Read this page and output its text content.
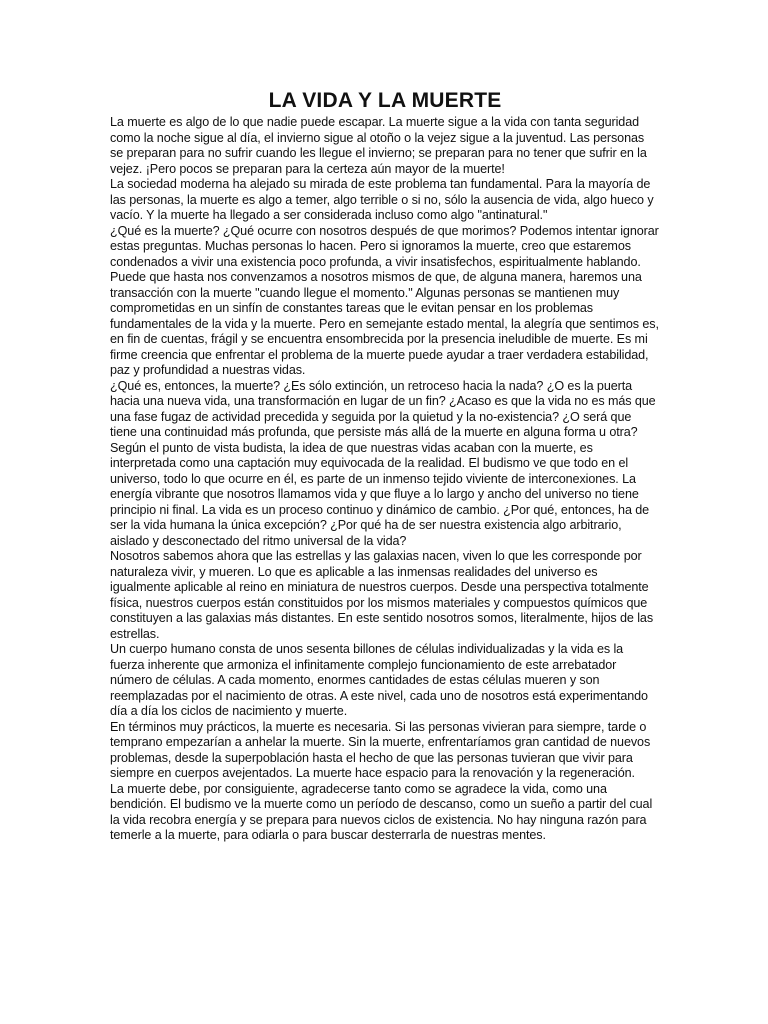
LA VIDA Y LA MUERTE

La muerte es algo de lo que nadie puede escapar. La muerte sigue a la vida con tanta seguridad como la noche sigue al día, el invierno sigue al otoño o la vejez sigue a la juventud. Las personas se preparan para no sufrir cuando les llegue el invierno; se preparan para no tener que sufrir en la vejez. ¡Pero pocos se preparan para la certeza aún mayor de la muerte!

La sociedad moderna ha alejado su mirada de este problema tan fundamental. Para la mayoría de las personas, la muerte es algo a temer, algo terrible o si no, sólo la ausencia de vida, algo hueco y vacío. Y la muerte ha llegado a ser considerada incluso como algo "antinatural."

¿Qué es la muerte? ¿Qué ocurre con nosotros después de que morimos? Podemos intentar ignorar estas preguntas. Muchas personas lo hacen. Pero si ignoramos la muerte, creo que estaremos condenados a vivir una existencia poco profunda, a vivir insatisfechos, espiritualmente hablando. Puede que hasta nos convenzamos a nosotros mismos de que, de alguna manera, haremos una transacción con la muerte "cuando llegue el momento." Algunas personas se mantienen muy comprometidas en un sinfín de constantes tareas que le evitan pensar en los problemas fundamentales de la vida y la muerte. Pero en semejante estado mental, la alegría que sentimos es, en fin de cuentas, frágil y se encuentra ensombrecida por la presencia ineludible de muerte. Es mi firme creencia que enfrentar el problema de la muerte puede ayudar a traer verdadera estabilidad, paz y profundidad a nuestras vidas.

¿Qué es, entonces, la muerte? ¿Es sólo extinción, un retroceso hacia la nada? ¿O es la puerta hacia una nueva vida, una transformación en lugar de un fin? ¿Acaso es que la vida no es más que una fase fugaz de actividad precedida y seguida por la quietud y la no-existencia? ¿O será que tiene una continuidad más profunda, que persiste más allá de la muerte en alguna forma u otra?

Según el punto de vista budista, la idea de que nuestras vidas acaban con la muerte, es interpretada como una captación muy equivocada de la realidad. El budismo ve que todo en el universo, todo lo que ocurre en él, es parte de un inmenso tejido viviente de interconexiones. La energía vibrante que nosotros llamamos vida y que fluye a lo largo y ancho del universo no tiene principio ni final. La vida es un proceso continuo y dinámico de cambio. ¿Por qué, entonces, ha de ser la vida humana la única excepción? ¿Por qué ha de ser nuestra existencia algo arbitrario, aislado y desconectado del ritmo universal de la vida?

Nosotros sabemos ahora que las estrellas y las galaxias nacen, viven lo que les corresponde por naturaleza vivir, y mueren. Lo que es aplicable a las inmensas realidades del universo es igualmente aplicable al reino en miniatura de nuestros cuerpos. Desde una perspectiva totalmente física, nuestros cuerpos están constituidos por los mismos materiales y compuestos químicos que constituyen a las galaxias más distantes. En este sentido nosotros somos, literalmente, hijos de las estrellas.

Un cuerpo humano consta de unos sesenta billones de células individualizadas y la vida es la fuerza inherente que armoniza el infinitamente complejo funcionamiento de este arrebatador número de células. A cada momento, enormes cantidades de estas células mueren y son reemplazadas por el nacimiento de otras. A este nivel, cada uno de nosotros está experimentando día a día los ciclos de nacimiento y muerte.

En términos muy prácticos, la muerte es necesaria. Si las personas vivieran para siempre, tarde o temprano empezarían a anhelar la muerte. Sin la muerte, enfrentaríamos gran cantidad de nuevos problemas, desde la superpoblación hasta el hecho de que las personas tuvieran que vivir para siempre en cuerpos avejentados. La muerte hace espacio para la renovación y la regeneración.

La muerte debe, por consiguiente, agradecerse tanto como se agradece la vida, como una bendición. El budismo ve la muerte como un período de descanso, como un sueño a partir del cual la vida recobra energía y se prepara para nuevos ciclos de existencia. No hay ninguna razón para temerle a la muerte, para odiarla o para buscar desterrarla de nuestras mentes.
